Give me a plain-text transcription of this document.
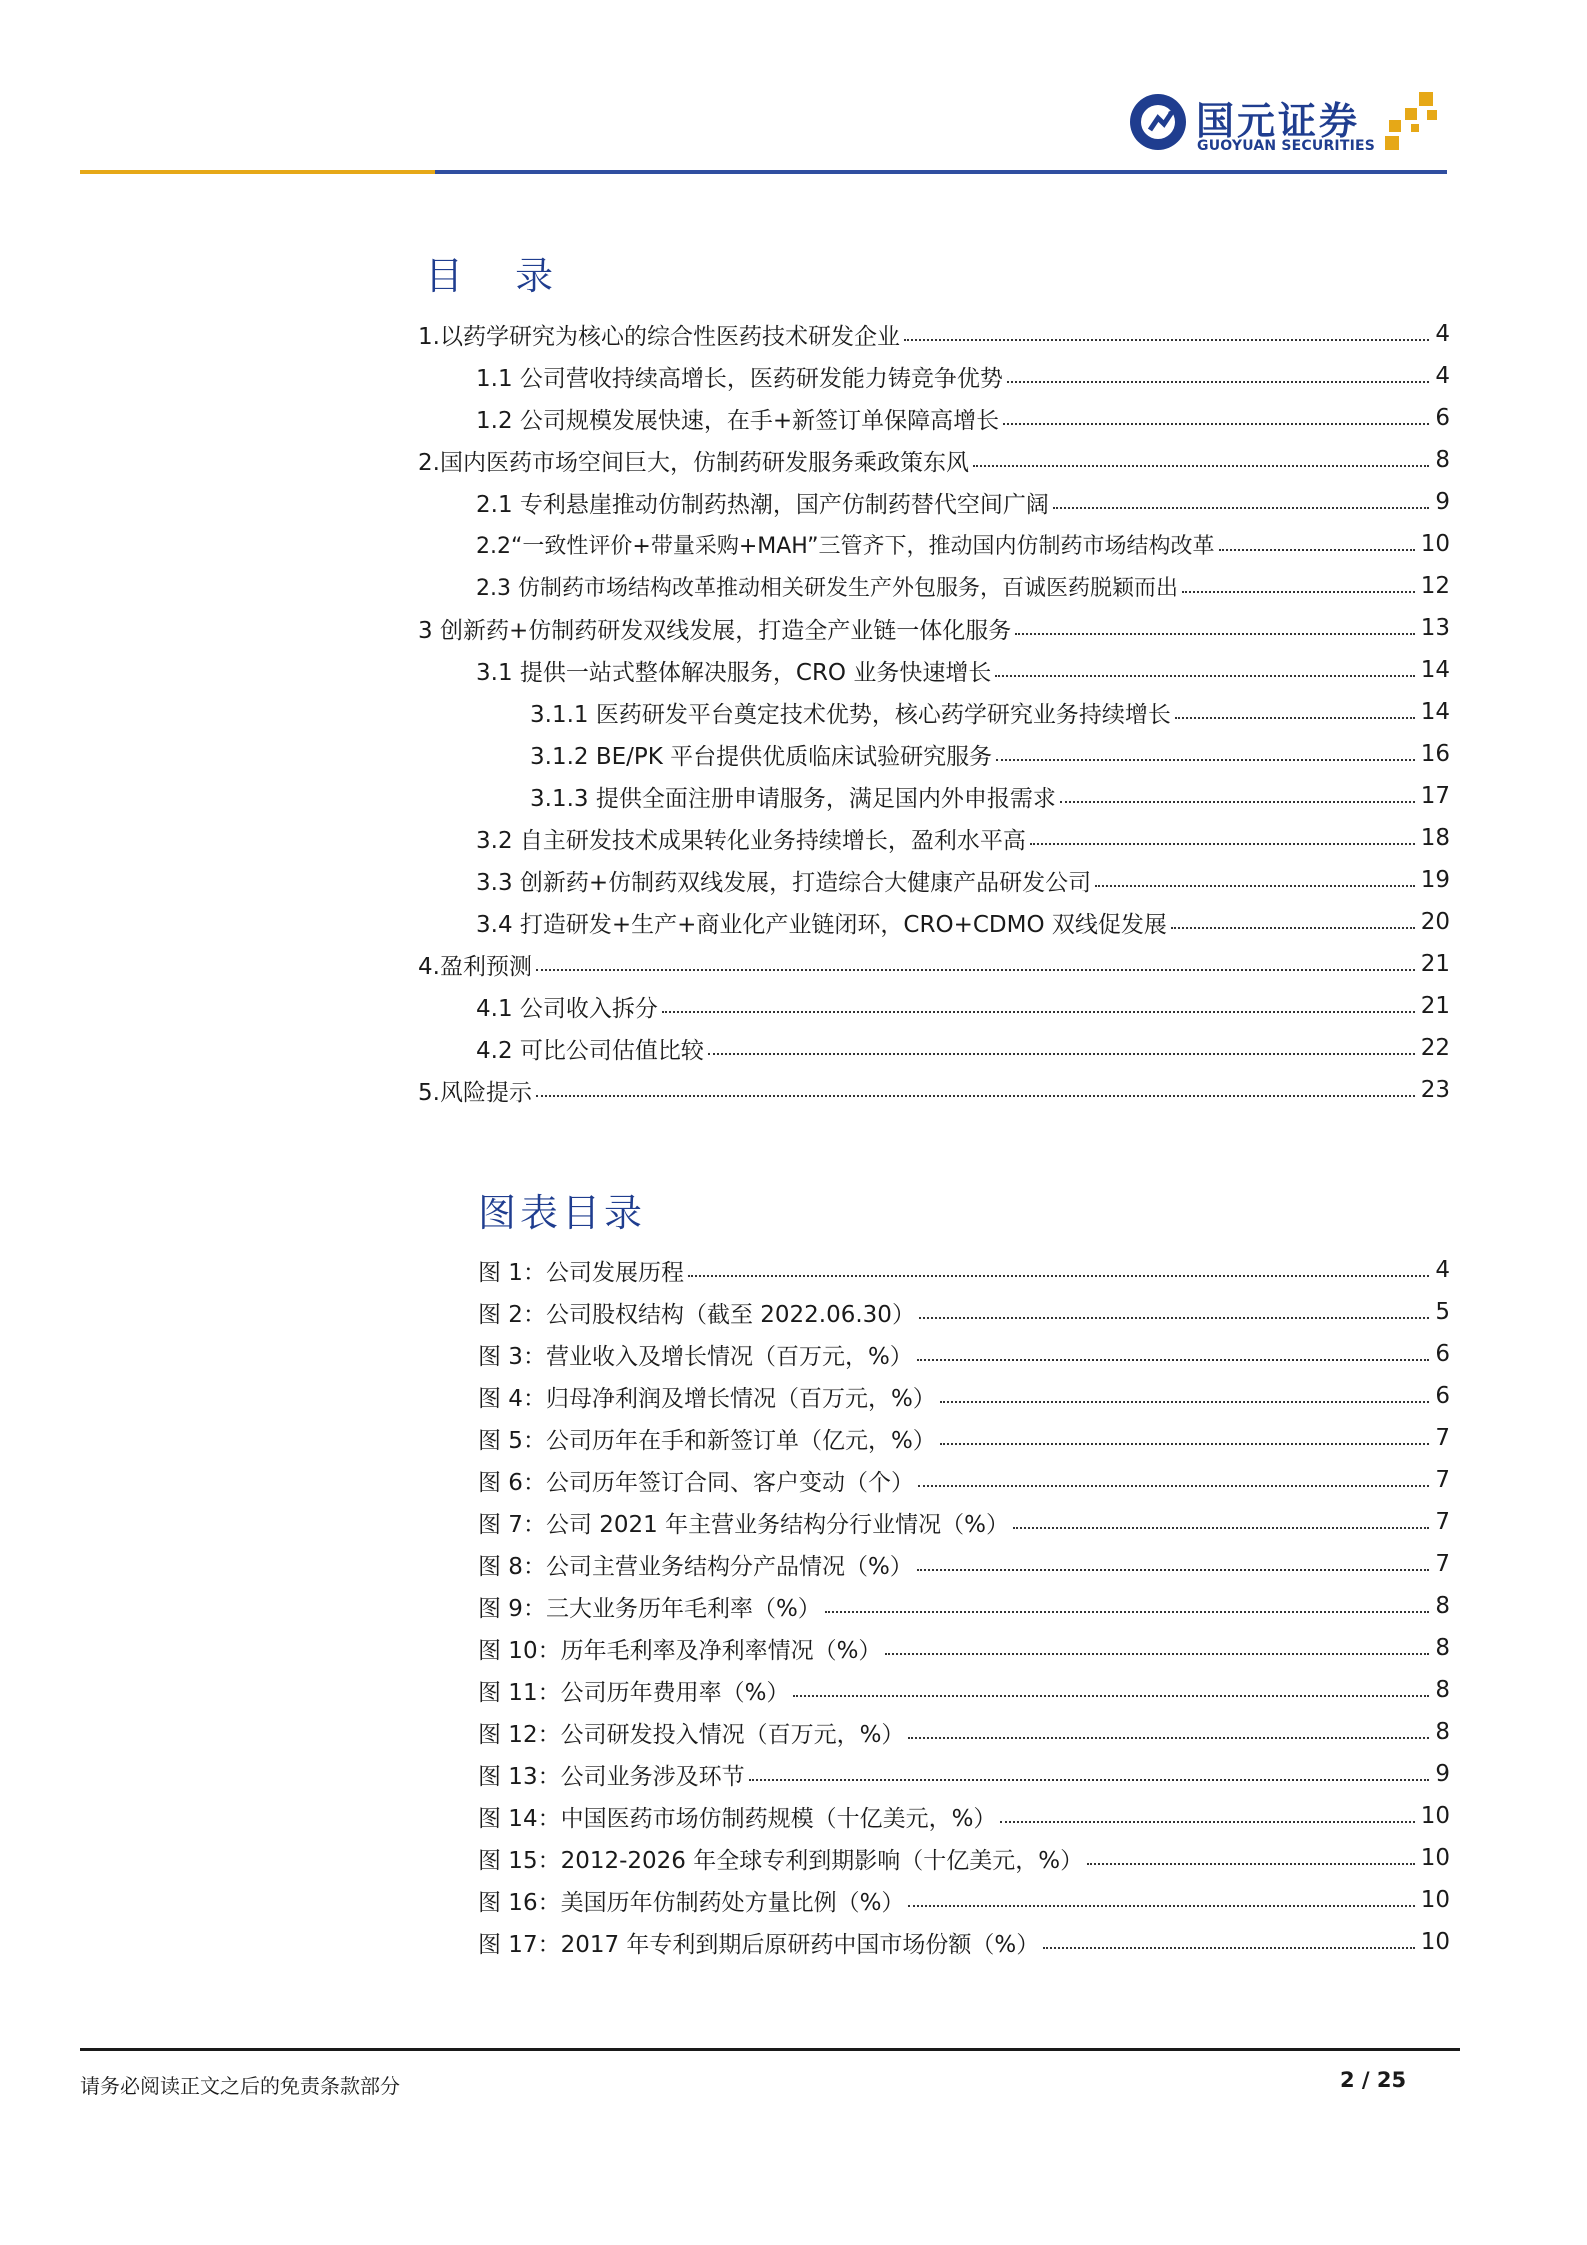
国元证券
GUOYUAN SECURITIES
目 录
1.以药学研究为核心的综合性医药技术研发企业	4
1.1 公司营收持续高增长，医药研发能力铸竞争优势	4
1.2 公司规模发展快速，在手+新签订单保障高增长	6
2.国内医药市场空间巨大，仿制药研发服务乘政策东风	8
2.1 专利悬崖推动仿制药热潮，国产仿制药替代空间广阔	9
2.2“一致性评价+带量采购+MAH”三管齐下，推动国内仿制药市场结构改革	10
2.3 仿制药市场结构改革推动相关研发生产外包服务，百诚医药脱颖而出	12
3 创新药+仿制药研发双线发展，打造全产业链一体化服务	13
3.1 提供一站式整体解决服务，CRO 业务快速增长	14
3.1.1 医药研发平台奠定技术优势，核心药学研究业务持续增长	14
3.1.2 BE/PK 平台提供优质临床试验研究服务	16
3.1.3 提供全面注册申请服务，满足国内外申报需求	17
3.2 自主研发技术成果转化业务持续增长，盈利水平高	18
3.3 创新药+仿制药双线发展，打造综合大健康产品研发公司	19
3.4 打造研发+生产+商业化产业链闭环，CRO+CDMO 双线促发展	20
4.盈利预测	21
4.1 公司收入拆分	21
4.2 可比公司估值比较	22
5.风险提示	23
图表目录
图 1：公司发展历程	4
图 2：公司股权结构（截至 2022.06.30）	5
图 3：营业收入及增长情况（百万元，%）	6
图 4：归母净利润及增长情况（百万元，%）	6
图 5：公司历年在手和新签订单（亿元，%）	7
图 6：公司历年签订合同、客户变动（个）	7
图 7：公司 2021 年主营业务结构分行业情况（%）	7
图 8：公司主营业务结构分产品情况（%）	7
图 9：三大业务历年毛利率（%）	8
图 10：历年毛利率及净利率情况（%）	8
图 11：公司历年费用率（%）	8
图 12：公司研发投入情况（百万元，%）	8
图 13：公司业务涉及环节	9
图 14：中国医药市场仿制药规模（十亿美元，%）	10
图 15：2012-2026 年全球专利到期影响（十亿美元，%）	10
图 16：美国历年仿制药处方量比例（%）	10
图 17：2017 年专利到期后原研药中国市场份额（%）	10
请务必阅读正文之后的免责条款部分	2 / 25
